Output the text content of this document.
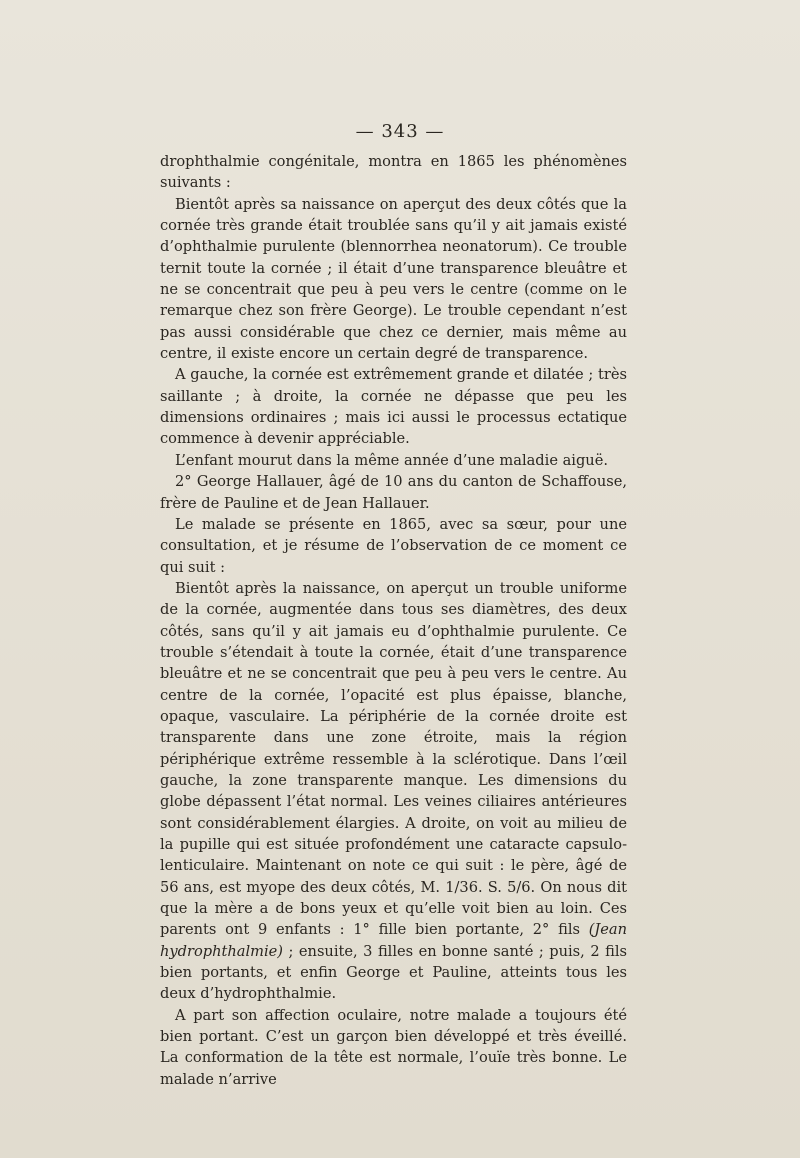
— 343 —

drophthalmie congénitale, montra en 1865 les phénomènes suivants :

Bientôt après sa naissance on aperçut des deux côtés que la cornée très grande était troublée sans qu’il y ait jamais existé d’ophthalmie purulente (blennorrhea neonatorum). Ce trouble ternit toute la cornée ; il était d’une transparence bleuâtre et ne se concentrait que peu à peu vers le centre (comme on le remarque chez son frère George). Le trouble cependant n’est pas aussi considérable que chez ce dernier, mais même au centre, il existe encore un certain degré de transparence.

A gauche, la cornée est extrêmement grande et dilatée ; très saillante ; à droite, la cornée ne dépasse que peu les dimensions ordinaires ; mais ici aussi le processus ectatique commence à devenir appréciable.

L’enfant mourut dans la même année d’une maladie aiguë.

2° George Hallauer, âgé de 10 ans du canton de Schaffouse, frère de Pauline et de Jean Hallauer.

Le malade se présente en 1865, avec sa sœur, pour une consultation, et je résume de l’observation de ce moment ce qui suit :

Bientôt après la naissance, on aperçut un trouble uniforme de la cornée, augmentée dans tous ses diamètres, des deux côtés, sans qu’il y ait jamais eu d’ophthalmie purulente. Ce trouble s’étendait à toute la cornée, était d’une transparence bleuâtre et ne se concentrait que peu à peu vers le centre. Au centre de la cornée, l’opacité est plus épaisse, blanche, opaque, vasculaire. La périphérie de la cornée droite est transparente dans une zone étroite, mais la région périphérique extrême ressemble à la sclérotique. Dans l’œil gauche, la zone transparente manque. Les dimensions du globe dépassent l’état normal. Les veines ciliaires antérieures sont considérablement élargies. A droite, on voit au milieu de la pupille qui est située profondément une cataracte capsulo-lenticulaire. Maintenant on note ce qui suit : le père, âgé de 56 ans, est myope des deux côtés, M. 1/36. S. 5/6. On nous dit que la mère a de bons yeux et qu’elle voit bien au loin. Ces parents ont 9 enfants : 1° fille bien portante, 2° fils (Jean hydrophthalmie) ; ensuite, 3 filles en bonne santé ; puis, 2 fils bien portants, et enfin George et Pauline, atteints tous les deux d’hydrophthalmie.

A part son affection oculaire, notre malade a toujours été bien portant. C’est un garçon bien développé et très éveillé. La conformation de la tête est normale, l’ouïe très bonne. Le malade n’arrive
